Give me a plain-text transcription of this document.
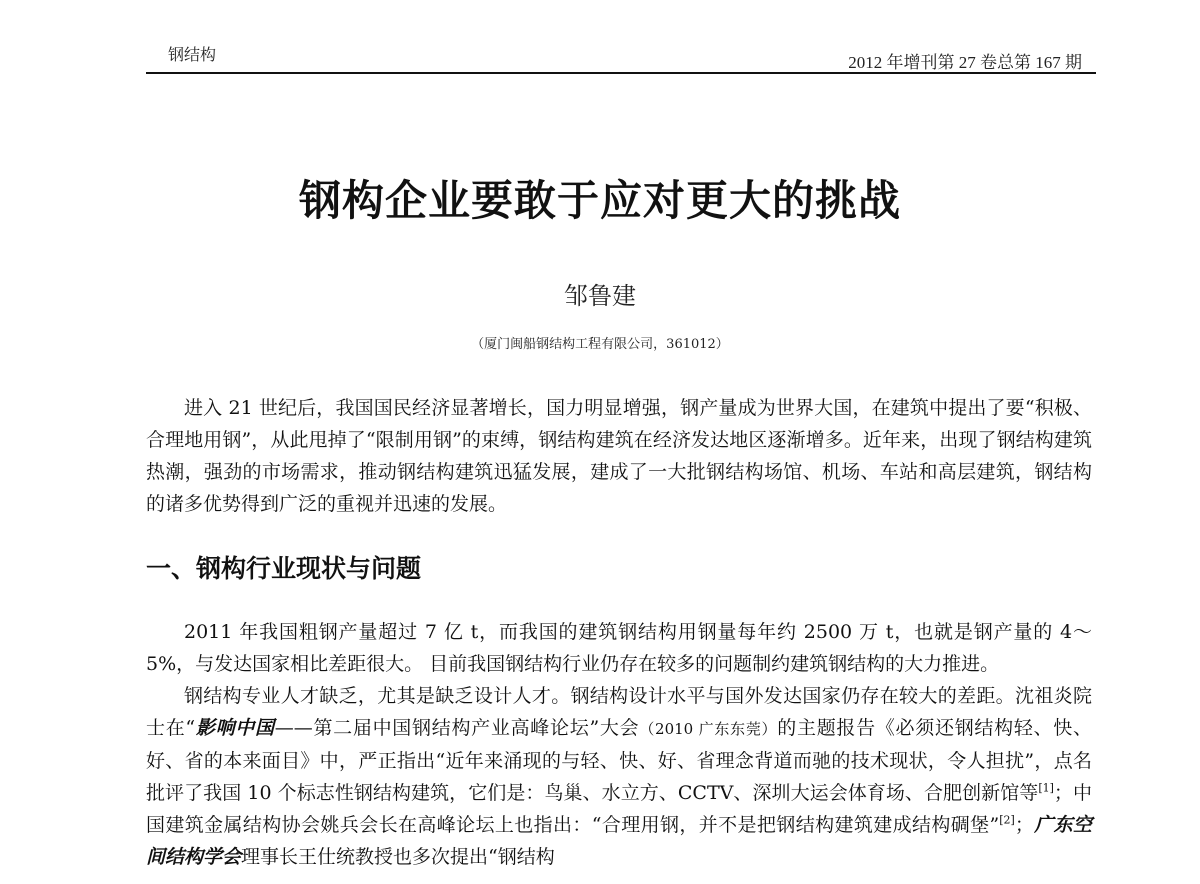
钢结构	2012 年增刊第 27 卷总第 167 期
钢构企业要敢于应对更大的挑战
邹鲁建
（厦门闽船钢结构工程有限公司，361012）

进入 21 世纪后，我国国民经济显著增长，国力明显增强，钢产量成为世界大国，在建筑中提出了要“积极、合理地用钢”，从此甩掉了“限制用钢”的束缚，钢结构建筑在经济发达地区逐渐增多。近年来，出现了钢结构建筑热潮，强劲的市场需求，推动钢结构建筑迅猛发展，建成了一大批钢结构场馆、机场、车站和高层建筑，钢结构的诸多优势得到广泛的重视并迅速的发展。

一、钢构行业现状与问题

2011 年我国粗钢产量超过 7 亿 t，而我国的建筑钢结构用钢量每年约 2500 万 t，也就是钢产量的 4～5%，与发达国家相比差距很大。 目前我国钢结构行业仍存在较多的问题制约建筑钢结构的大力推进。

钢结构专业人才缺乏，尤其是缺乏设计人才。钢结构设计水平与国外发达国家仍存在较大的差距。沈祖炎院士在“影响中国——第二届中国钢结构产业高峰论坛”大会（2010 广东东莞）的主题报告《必须还钢结构轻、快、好、省的本来面目》中，严正指出“近年来涌现的与轻、快、好、省理念背道而驰的技术现状，令人担扰”，点名批评了我国 10 个标志性钢结构建筑，它们是：鸟巢、水立方、CCTV、深圳大运会体育场、合肥创新馆等[1]；中国建筑金属结构协会姚兵会长在高峰论坛上也指出：“合理用钢，并不是把钢结构建筑建成结构碉堡”[2]；广东空间结构学会理事长王仕统教授也多次提出“钢结构
